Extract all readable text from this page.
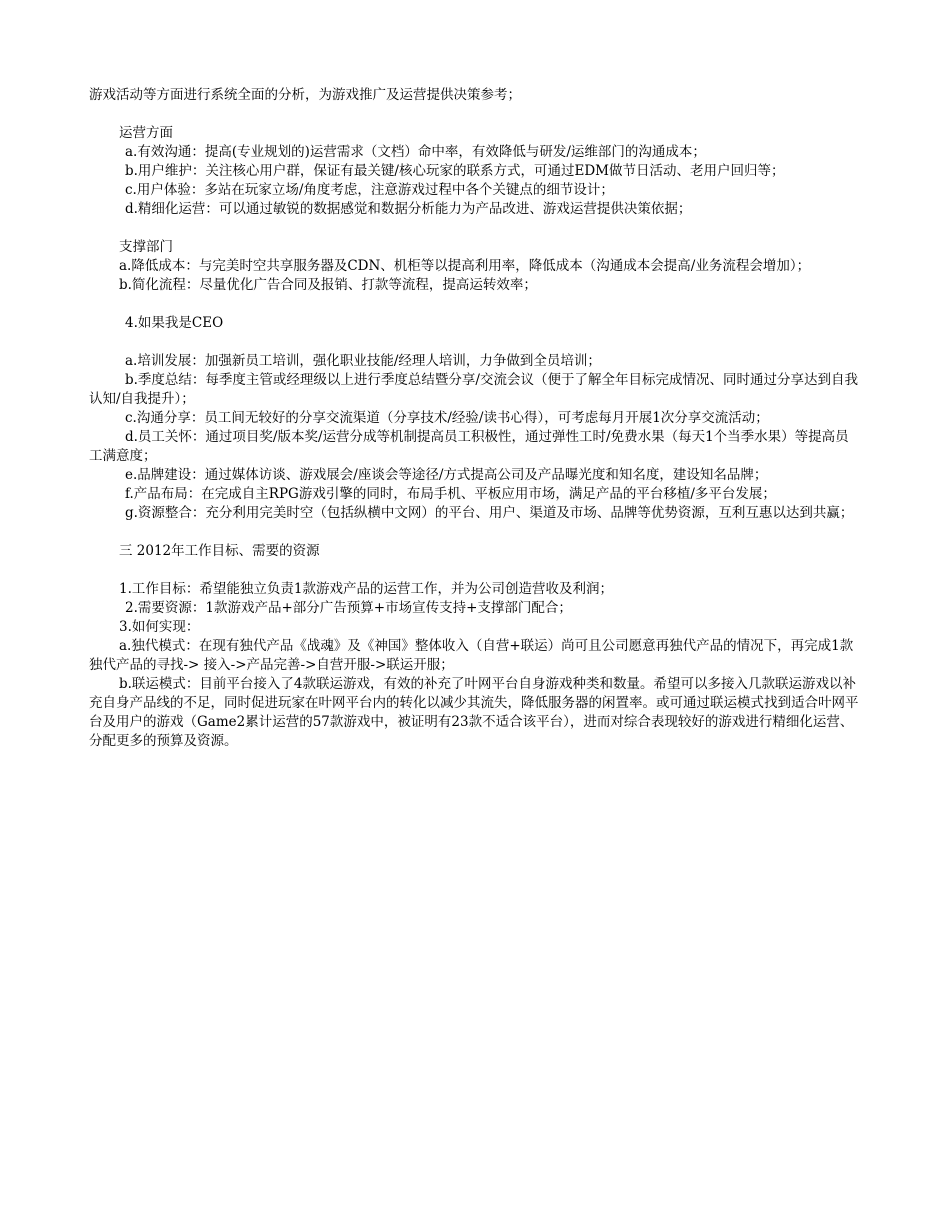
游戏活动等方面进行系统全面的分析，为游戏推广及运营提供决策参考；

运营方面

a.有效沟通：提高(专业规划的)运营需求（文档）命中率，有效降低与研发/运维部门的沟通成本；

b.用户维护：关注核心用户群，保证有最关键/核心玩家的联系方式，可通过EDM做节日活动、老用户回归等；

c.用户体验：多站在玩家立场/角度考虑，注意游戏过程中各个关键点的细节设计；

d.精细化运营：可以通过敏锐的数据感觉和数据分析能力为产品改进、游戏运营提供决策依据；

支撑部门

a.降低成本：与完美时空共享服务器及CDN、机柜等以提高利用率，降低成本（沟通成本会提高/业务流程会增加）；

b.简化流程：尽量优化广告合同及报销、打款等流程，提高运转效率；

4.如果我是CEO

a.培训发展：加强新员工培训，强化职业技能/经理人培训，力争做到全员培训；

b.季度总结：每季度主管或经理级以上进行季度总结暨分享/交流会议（便于了解全年目标完成情况、同时通过分享达到自我认知/自我提升）；

c.沟通分享：员工间无较好的分享交流渠道（分享技术/经验/读书心得），可考虑每月开展1次分享交流活动；

d.员工关怀：通过项目奖/版本奖/运营分成等机制提高员工积极性，通过弹性工时/免费水果（每天1个当季水果）等提高员工满意度；

e.品牌建设：通过媒体访谈、游戏展会/座谈会等途径/方式提高公司及产品曝光度和知名度，建设知名品牌；

f.产品布局：在完成自主RPG游戏引擎的同时，布局手机、平板应用市场，满足产品的平台移植/多平台发展；

g.资源整合：充分利用完美时空（包括纵横中文网）的平台、用户、渠道及市场、品牌等优势资源，互利互惠以达到共赢；

三 2012年工作目标、需要的资源

1.工作目标：希望能独立负责1款游戏产品的运营工作，并为公司创造营收及利润；

2.需要资源：1款游戏产品+部分广告预算+市场宣传支持+支撑部门配合；

3.如何实现：

a.独代模式：在现有独代产品《战魂》及《神国》整体收入（自营+联运）尚可且公司愿意再独代产品的情况下，再完成1款独代产品的寻找-> 接入->产品完善->自营开服->联运开服；

b.联运模式：目前平台接入了4款联运游戏，有效的补充了叶网平台自身游戏种类和数量。希望可以多接入几款联运游戏以补充自身产品线的不足，同时促进玩家在叶网平台内的转化以减少其流失，降低服务器的闲置率。或可通过联运模式找到适合叶网平台及用户的游戏（Game2累计运营的57款游戏中，被证明有23款不适合该平台），进而对综合表现较好的游戏进行精细化运营、分配更多的预算及资源。
